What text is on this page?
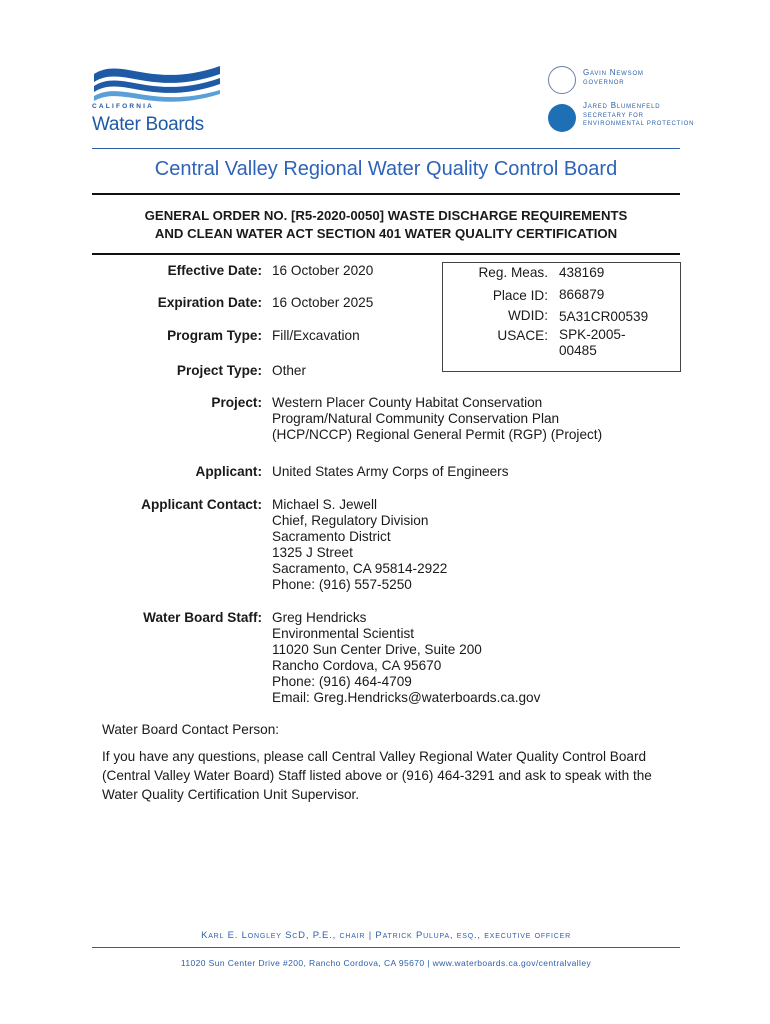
CALIFORNIA
Water Boards
Gavin Newsom
GOVERNOR
Jared Blumenfeld
SECRETARY FOR
ENVIRONMENTAL PROTECTION
Central Valley Regional Water Quality Control Board
GENERAL ORDER NO. [R5-2020-0050] WASTE DISCHARGE REQUIREMENTS
AND CLEAN WATER ACT SECTION 401 WATER QUALITY CERTIFICATION
Effective Date: 16 October 2020
Expiration Date: 16 October 2025
Program Type: Fill/Excavation
Project Type: Other
Project: Western Placer County Habitat Conservation
Program/Natural Community Conservation Plan
(HCP/NCCP) Regional General Permit (RGP) (Project)
Applicant: United States Army Corps of Engineers
Applicant Contact: Michael S. Jewell
Chief, Regulatory Division
Sacramento District
1325 J Street
Sacramento, CA 95814-2922
Phone: (916) 557-5250
Water Board Staff: Greg Hendricks
Environmental Scientist
11020 Sun Center Drive, Suite 200
Rancho Cordova, CA 95670
Phone: (916) 464-4709
Email: Greg.Hendricks@waterboards.ca.gov
Reg. Meas. 438169
Place ID: 866879
WDID: 5A31CR00539
USACE: SPK-2005-
00485
Water Board Contact Person:
If you have any questions, please call Central Valley Regional Water Quality Control Board (Central Valley Water Board) Staff listed above or (916) 464-3291 and ask to speak with the Water Quality Certification Unit Supervisor.
Karl E. Longley ScD, P.E., chair | Patrick Pulupa, esq., executive officer
11020 Sun Center Drive #200, Rancho Cordova, CA 95670 | www.waterboards.ca.gov/centralvalley
